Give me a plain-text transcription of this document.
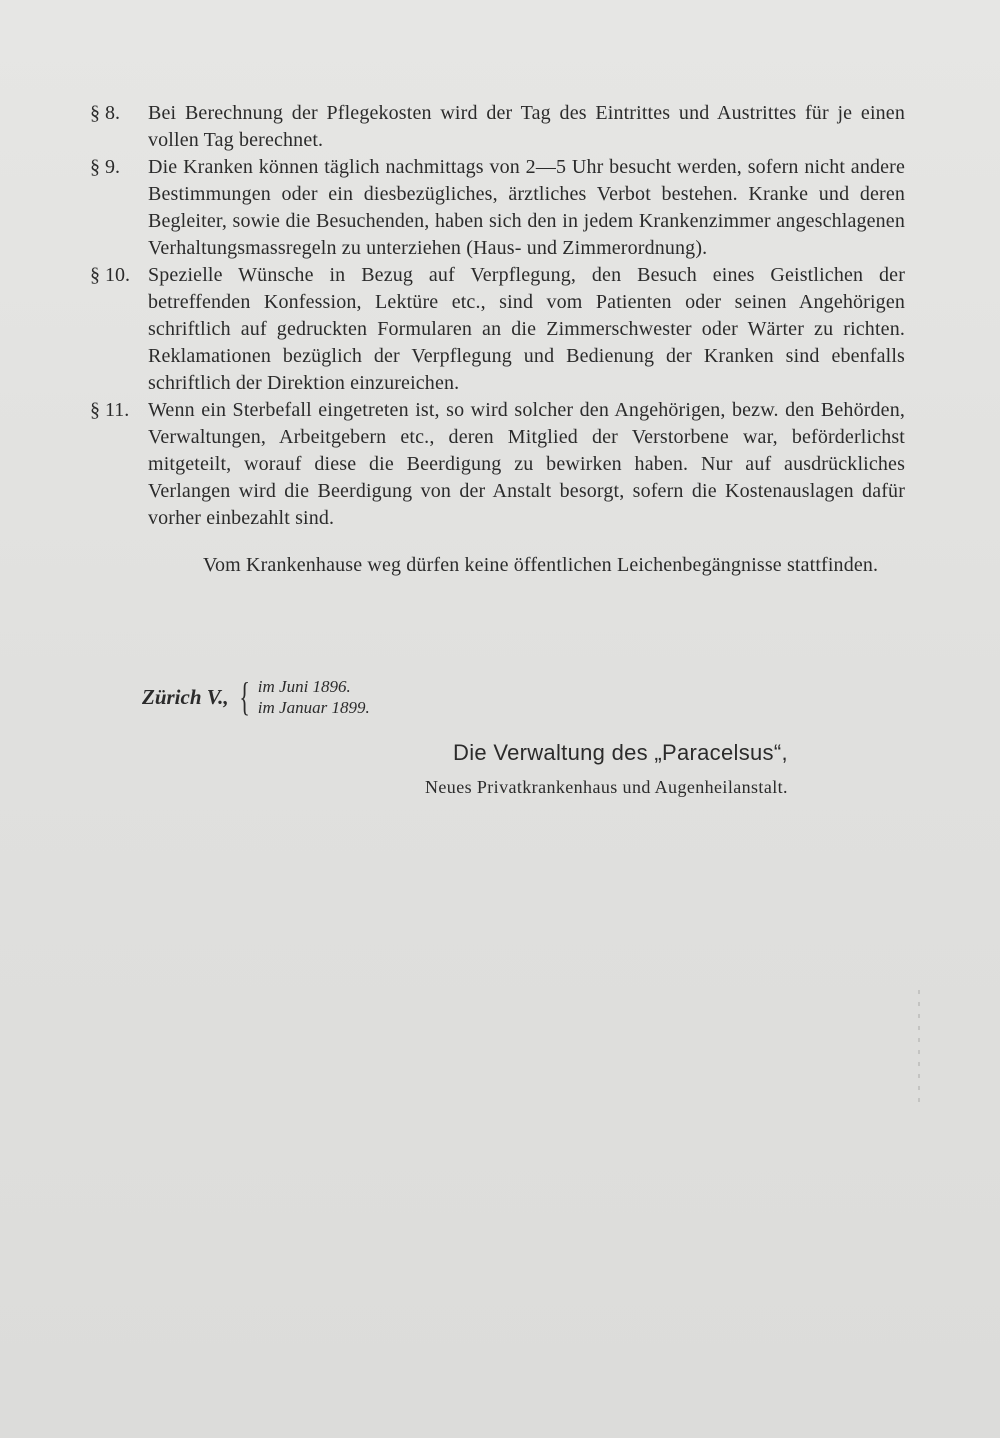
§ 8.	Bei Berechnung der Pflegekosten wird der Tag des Eintrittes und Austrittes für je einen vollen Tag berechnet.
§ 9.	Die Kranken können täglich nachmittags von 2—5 Uhr besucht werden, sofern nicht andere Bestimmungen oder ein diesbezügliches, ärztliches Verbot bestehen. Kranke und deren Begleiter, sowie die Besuchenden, haben sich den in jedem Krankenzimmer angeschlagenen Verhaltungsmassregeln zu unterziehen (Haus- und Zimmerordnung).
§ 10. Spezielle Wünsche in Bezug auf Verpflegung, den Besuch eines Geistlichen der betreffenden Konfession, Lektüre etc., sind vom Patienten oder seinen Angehörigen schriftlich auf gedruckten Formularen an die Zimmerschwester oder Wärter zu richten. Reklamationen bezüglich der Verpflegung und Bedienung der Kranken sind ebenfalls schriftlich der Direktion einzureichen.
§ 11. Wenn ein Sterbefall eingetreten ist, so wird solcher den Angehörigen, bezw. den Behörden, Verwaltungen, Arbeitgebern etc., deren Mitglied der Verstorbene war, beförderlichst mitgeteilt, worauf diese die Beerdigung zu bewirken haben. Nur auf ausdrückliches Verlangen wird die Beerdigung von der Anstalt besorgt, sofern die Kostenauslagen dafür vorher einbezahlt sind.

Vom Krankenhause weg dürfen keine öffentlichen Leichenbegängnisse stattfinden.

Zürich V., { im Juni 1896.
im Januar 1899.
Die Verwaltung des „Paracelsus“,
Neues Privatkrankenhaus und Augenheilanstalt.
